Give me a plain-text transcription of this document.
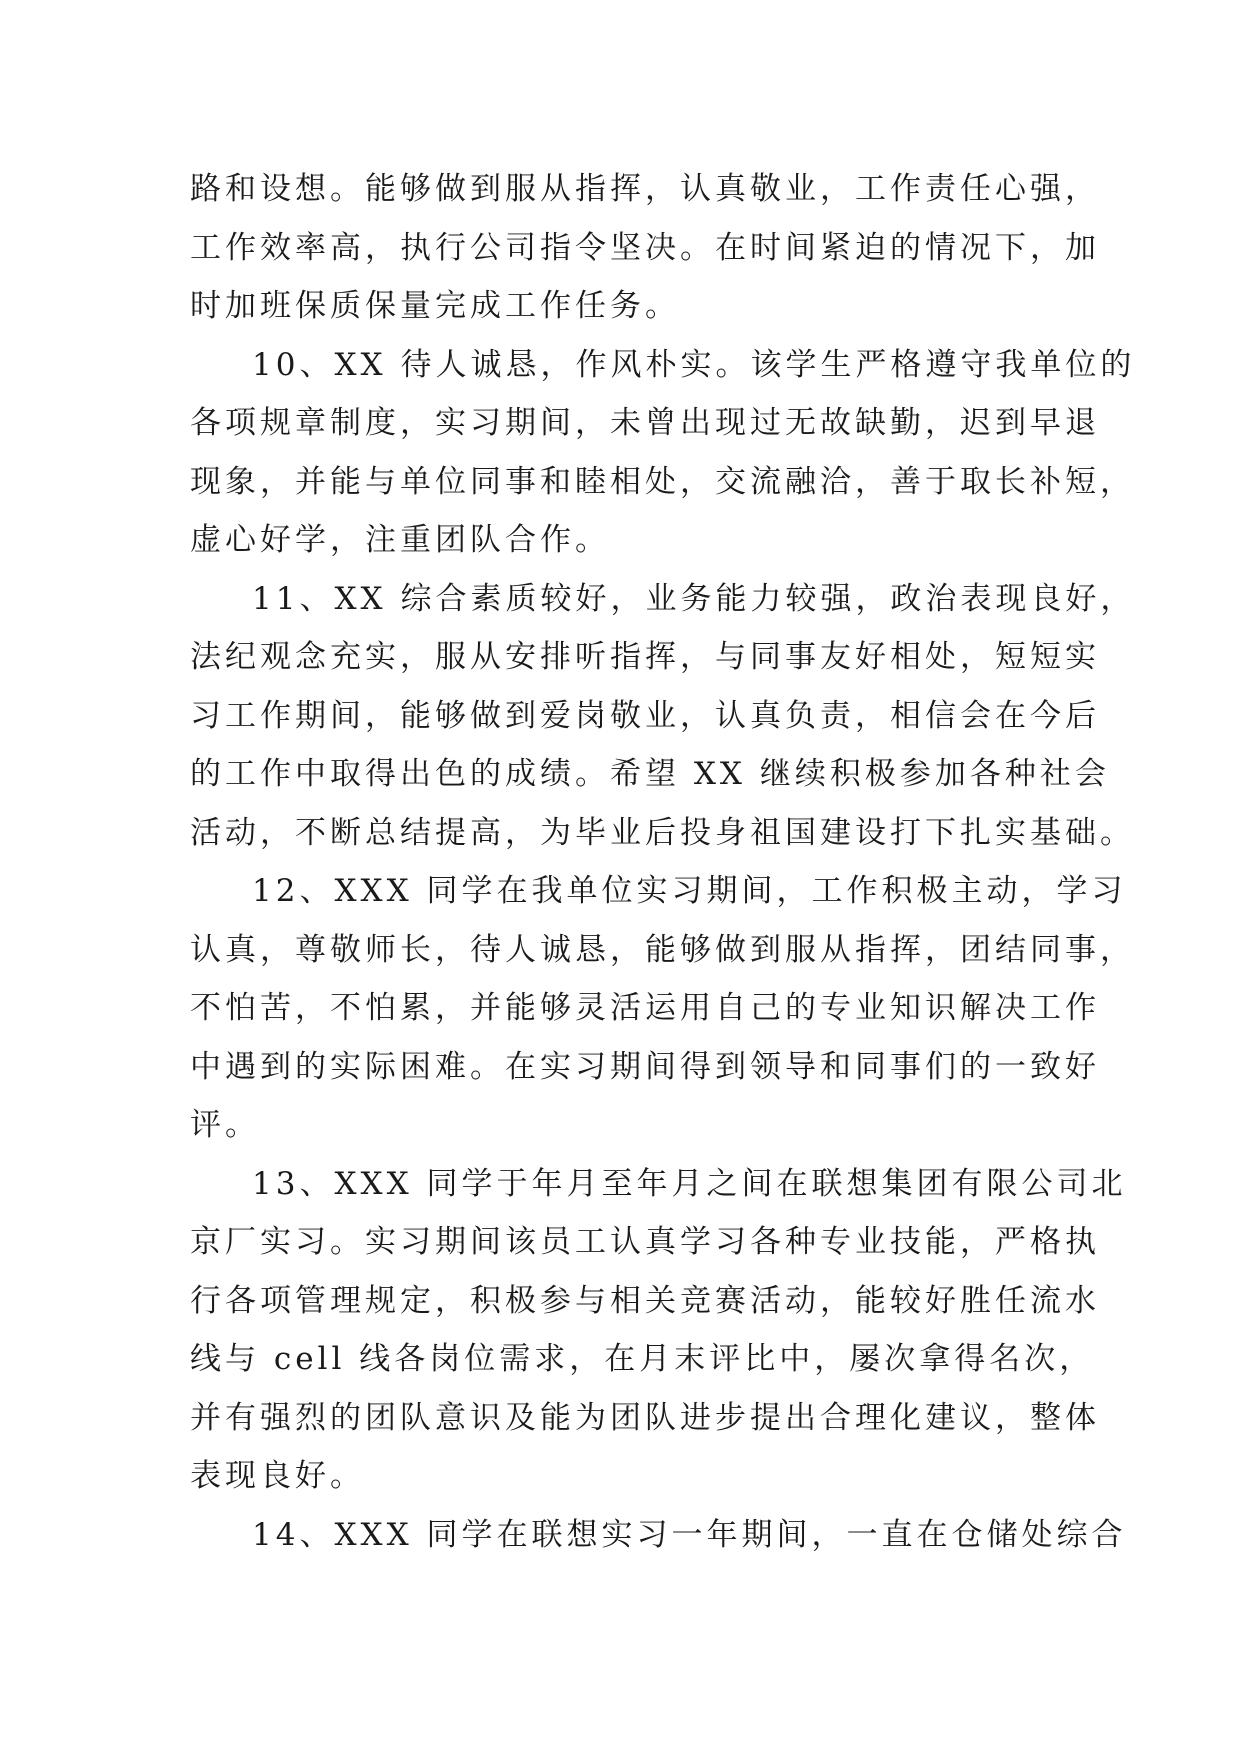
路和设想。能够做到服从指挥，认真敬业，工作责任心强，
工作效率高，执行公司指令坚决。在时间紧迫的情况下，加
时加班保质保量完成工作任务。
10、XX 待人诚恳，作风朴实。该学生严格遵守我单位的
各项规章制度，实习期间，未曾出现过无故缺勤，迟到早退
现象，并能与单位同事和睦相处，交流融洽，善于取长补短，
虚心好学，注重团队合作。
11、XX 综合素质较好，业务能力较强，政治表现良好，
法纪观念充实，服从安排听指挥，与同事友好相处，短短实
习工作期间，能够做到爱岗敬业，认真负责，相信会在今后
的工作中取得出色的成绩。希望 XX 继续积极参加各种社会
活动，不断总结提高，为毕业后投身祖国建设打下扎实基础。
12、XXX 同学在我单位实习期间，工作积极主动，学习
认真，尊敬师长，待人诚恳，能够做到服从指挥，团结同事，
不怕苦，不怕累，并能够灵活运用自己的专业知识解决工作
中遇到的实际困难。在实习期间得到领导和同事们的一致好
评。
13、XXX 同学于年月至年月之间在联想集团有限公司北
京厂实习。实习期间该员工认真学习各种专业技能，严格执
行各项管理规定，积极参与相关竞赛活动，能较好胜任流水
线与 cell 线各岗位需求，在月末评比中，屡次拿得名次，
并有强烈的团队意识及能为团队进步提出合理化建议，整体
表现良好。
14、XXX 同学在联想实习一年期间，一直在仓储处综合
